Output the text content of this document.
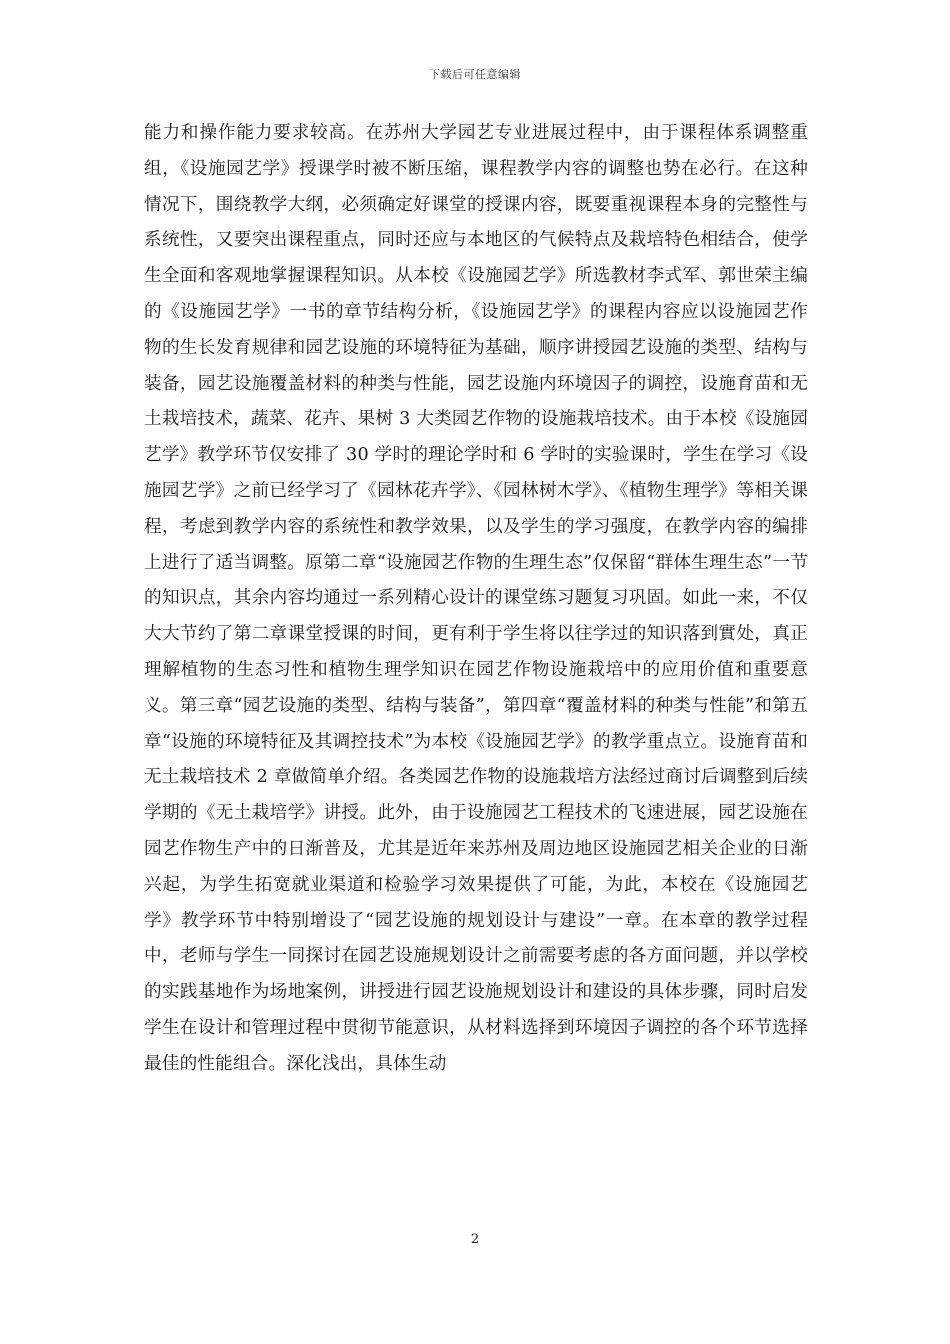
下载后可任意编辑

能力和操作能力要求较高。在苏州大学园艺专业进展过程中，由于课程体系调整重组，《设施园艺学》授课学时被不断压缩，课程教学内容的调整也势在必行。在这种情况下，围绕教学大纲，必须确定好课堂的授课内容，既要重视课程本身的完整性与系统性，又要突出课程重点，同时还应与本地区的气候特点及栽培特色相结合，使学生全面和客观地掌握课程知识。从本校《设施园艺学》所选教材李式军、郭世荣主编的《设施园艺学》一书的章节结构分析，《设施园艺学》的课程内容应以设施园艺作物的生长发育规律和园艺设施的环境特征为基础，顺序讲授园艺设施的类型、结构与装备，园艺设施覆盖材料的种类与性能，园艺设施内环境因子的调控，设施育苗和无土栽培技术，蔬菜、花卉、果树 3 大类园艺作物的设施栽培技术。由于本校《设施园艺学》教学环节仅安排了 30 学时的理论学时和 6 学时的实验课时，学生在学习《设施园艺学》之前已经学习了《园林花卉学》、《园林树木学》、《植物生理学》等相关课程，考虑到教学内容的系统性和教学效果，以及学生的学习强度，在教学内容的编排上进行了适当调整。原第二章“设施园艺作物的生理生态”仅保留“群体生理生态”一节的知识点，其余内容均通过一系列精心设计的课堂练习题复习巩固。如此一来，不仅大大节约了第二章课堂授课的时间，更有利于学生将以往学过的知识落到實处，真正理解植物的生态习性和植物生理学知识在园艺作物设施栽培中的应用价值和重要意义。第三章“园艺设施的类型、结构与装备”，第四章“覆盖材料的种类与性能”和第五章“设施的环境特征及其调控技术”为本校《设施园艺学》的教学重点立。设施育苗和无土栽培技术 2 章做简单介绍。各类园艺作物的设施栽培方法经过商讨后调整到后续学期的《无土栽培学》讲授。此外，由于设施园艺工程技术的飞速进展，园艺设施在园艺作物生产中的日渐普及，尤其是近年来苏州及周边地区设施园艺相关企业的日渐兴起，为学生拓宽就业渠道和检验学习效果提供了可能，为此，本校在《设施园艺学》教学环节中特别增设了“园艺设施的规划设计与建设”一章。在本章的教学过程中，老师与学生一同探讨在园艺设施规划设计之前需要考虑的各方面问题，并以学校的实践基地作为场地案例，讲授进行园艺设施规划设计和建设的具体步骤，同时启发学生在设计和管理过程中贯彻节能意识，从材料选择到环境因子调控的各个环节选择最佳的性能组合。深化浅出，具体生动

2
